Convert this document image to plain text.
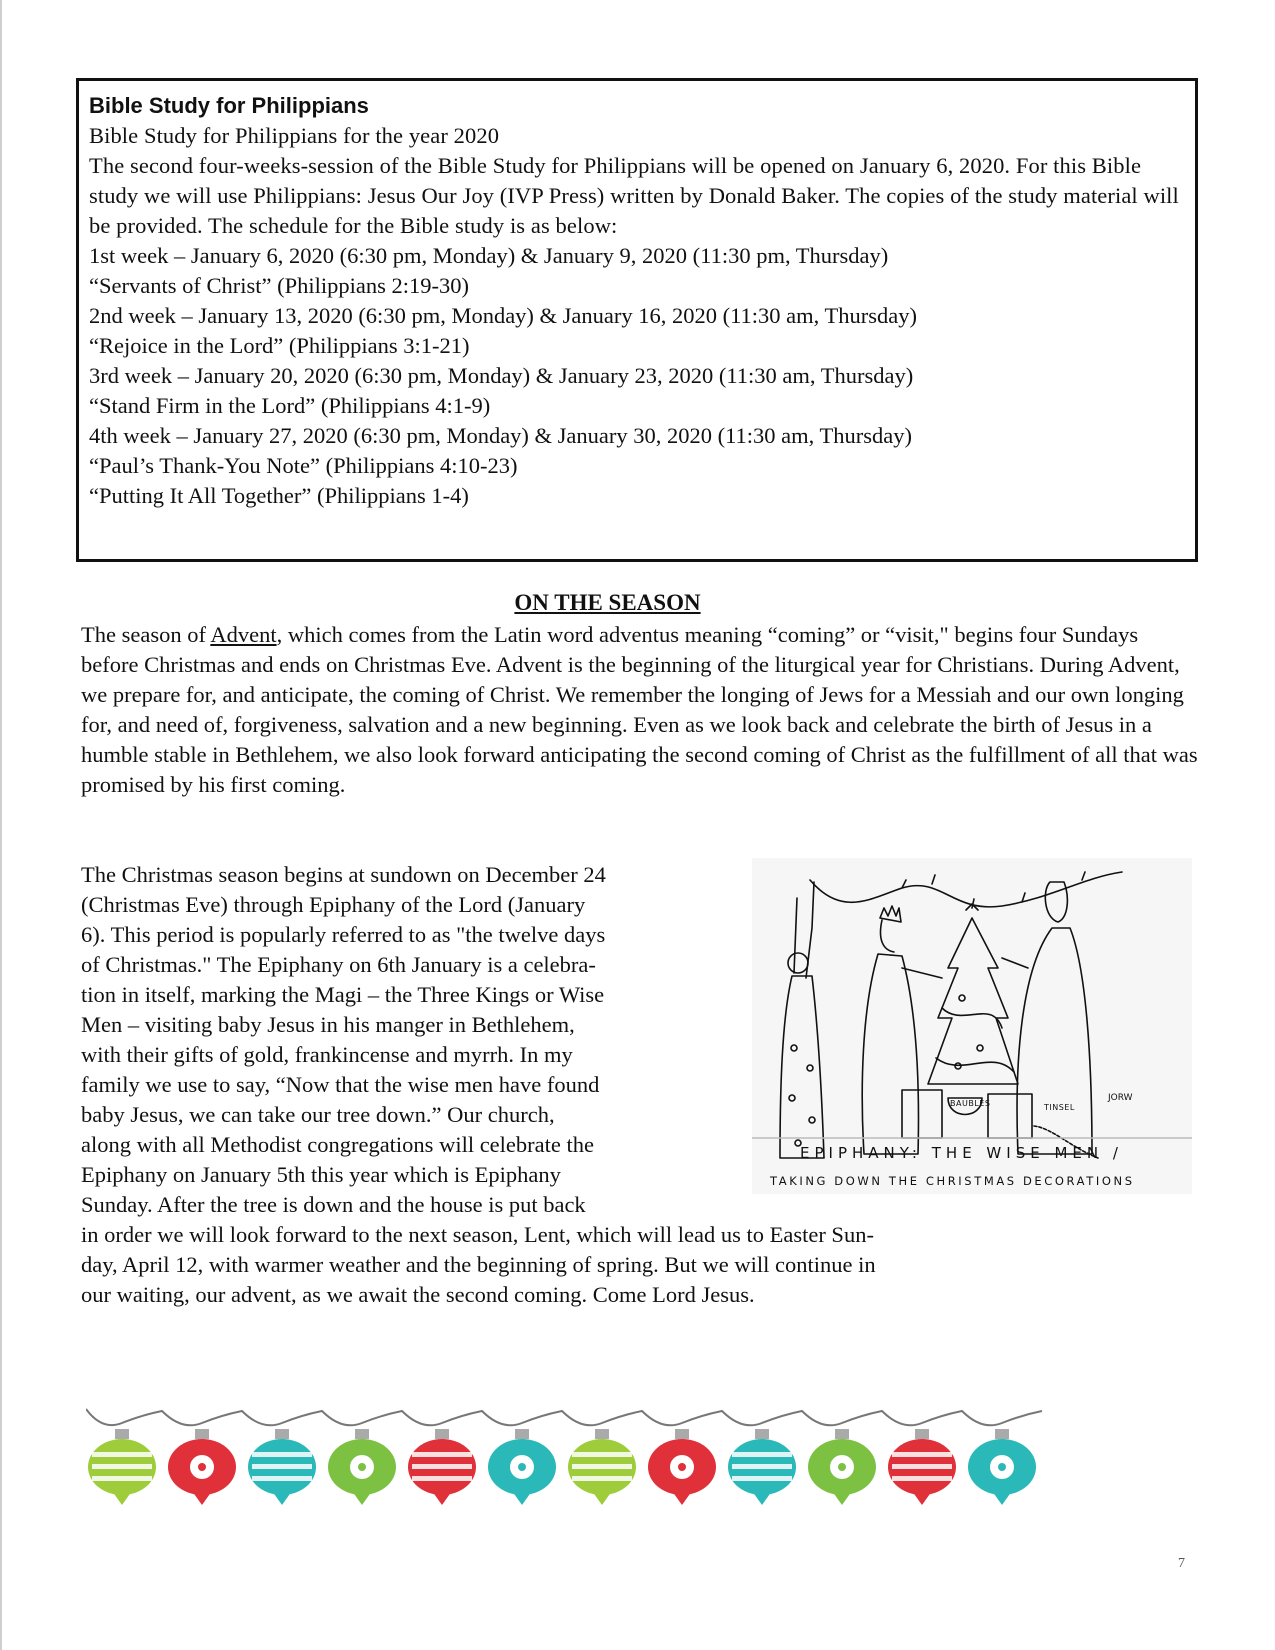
Bible Study for Philippians

Bible Study for Philippians for the year 2020

The second four-weeks-session of the Bible Study for Philippians will be opened on January 6, 2020. For this Bible study we will use Philippians: Jesus Our Joy (IVP Press) written by Donald Baker. The copies of the study material will be provided. The schedule for the Bible study is as below:

1st week – January 6, 2020 (6:30 pm, Monday) & January 9, 2020 (11:30 pm, Thursday)
“Servants of Christ” (Philippians 2:19-30)
2nd week – January 13, 2020 (6:30 pm, Monday) & January 16, 2020 (11:30 am, Thursday)
“Rejoice in the Lord” (Philippians 3:1-21)
3rd week – January 20, 2020 (6:30 pm, Monday) & January 23, 2020 (11:30 am, Thursday)
“Stand Firm in the Lord” (Philippians 4:1-9)
4th week – January 27, 2020 (6:30 pm, Monday) & January 30, 2020 (11:30 am, Thursday)
“Paul’s Thank-You Note” (Philippians 4:10-23)
“Putting It All Together” (Philippians 1-4)
ON THE SEASON

The season of Advent, which comes from the Latin word adventus meaning “coming” or “visit," begins four Sundays before Christmas and ends on Christmas Eve. Advent is the beginning of the liturgical year for Christians. During Advent, we prepare for, and anticipate, the coming of Christ. We remember the longing of Jews for a Messiah and our own longing for, and need of, forgiveness, salvation and a new beginning. Even as we look back and celebrate the birth of Jesus in a humble stable in Bethlehem, we also look forward anticipating the second coming of Christ as the fulfillment of all that was promised by his first coming.

The Christmas season begins at sundown on December 24
(Christmas Eve) through Epiphany of the Lord (January
6). This period is popularly referred to as "the twelve days
of Christmas." The Epiphany on 6th January is a celebra-
tion in itself, marking the Magi – the Three Kings or Wise
Men – visiting baby Jesus in his manger in Bethlehem,
with their gifts of gold, frankincense and myrrh. In my
family we use to say, “Now that the wise men have found
baby Jesus, we can take our tree down.” Our church,
along with all Methodist congregations will celebrate the
Epiphany on January 5th this year which is Epiphany
Sunday. After the tree is down and the house is put back
in order we will look forward to the next season, Lent, which will lead us to Easter Sun-
day, April 12, with warmer weather and the beginning of spring. But we will continue in
our waiting, our advent, as we await the second coming. Come Lord Jesus.

BAUBLES	TINSEL
JORW

EPIPHANY: THE WISE MEN /

TAKING DOWN THE CHRISTMAS DECORATIONS

7
